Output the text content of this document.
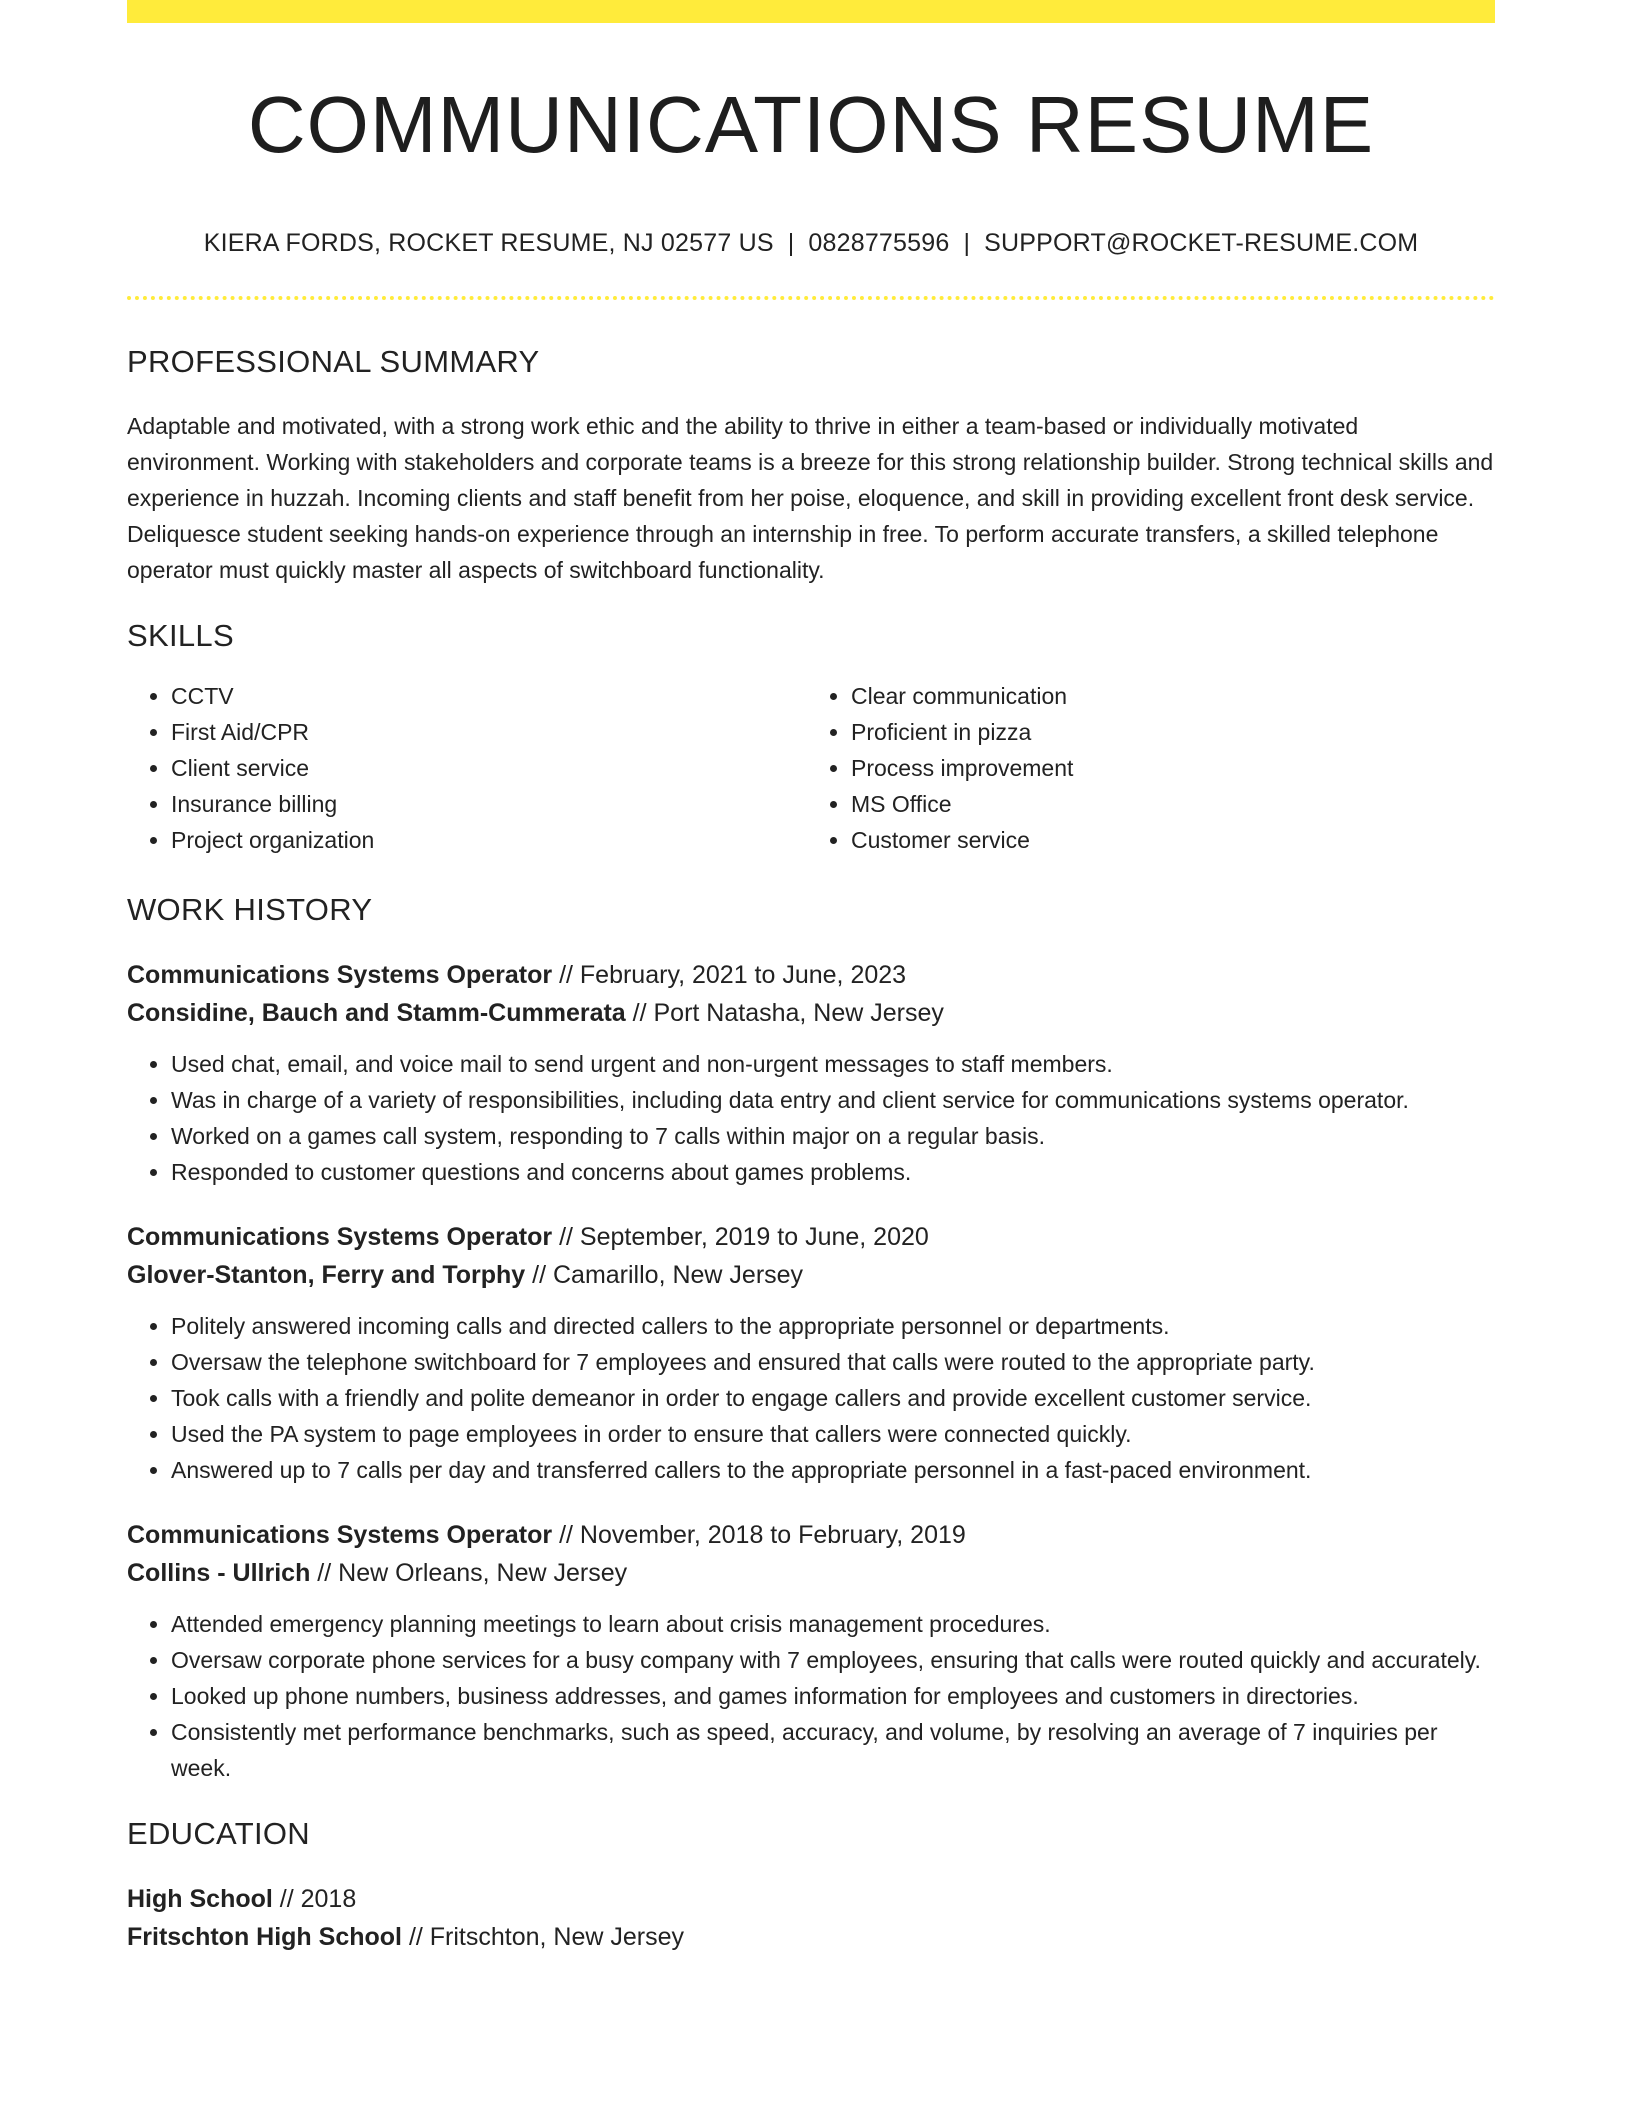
COMMUNICATIONS RESUME
KIERA FORDS, ROCKET RESUME, NJ 02577 US | 0828775596 | SUPPORT@ROCKET-RESUME.COM
PROFESSIONAL SUMMARY

Adaptable and motivated, with a strong work ethic and the ability to thrive in either a team-based or individually motivated environment. Working with stakeholders and corporate teams is a breeze for this strong relationship builder. Strong technical skills and experience in huzzah. Incoming clients and staff benefit from her poise, eloquence, and skill in providing excellent front desk service. Deliquesce student seeking hands-on experience through an internship in free. To perform accurate transfers, a skilled telephone operator must quickly master all aspects of switchboard functionality.

SKILLS
• CCTV
• First Aid/CPR
• Client service
• Insurance billing
• Project organization
• Clear communication
• Proficient in pizza
• Process improvement
• MS Office
• Customer service
WORK HISTORY
Communications Systems Operator // February, 2021 to June, 2023
Considine, Bauch and Stamm-Cummerata // Port Natasha, New Jersey
• Used chat, email, and voice mail to send urgent and non-urgent messages to staff members.
• Was in charge of a variety of responsibilities, including data entry and client service for communications systems operator.
• Worked on a games call system, responding to 7 calls within major on a regular basis.
• Responded to customer questions and concerns about games problems.
Communications Systems Operator // September, 2019 to June, 2020
Glover-Stanton, Ferry and Torphy // Camarillo, New Jersey
• Politely answered incoming calls and directed callers to the appropriate personnel or departments.
• Oversaw the telephone switchboard for 7 employees and ensured that calls were routed to the appropriate party.
• Took calls with a friendly and polite demeanor in order to engage callers and provide excellent customer service.
• Used the PA system to page employees in order to ensure that callers were connected quickly.
• Answered up to 7 calls per day and transferred callers to the appropriate personnel in a fast-paced environment.
Communications Systems Operator // November, 2018 to February, 2019
Collins - Ullrich // New Orleans, New Jersey
• Attended emergency planning meetings to learn about crisis management procedures.
• Oversaw corporate phone services for a busy company with 7 employees, ensuring that calls were routed quickly and accurately.
• Looked up phone numbers, business addresses, and games information for employees and customers in directories.
• Consistently met performance benchmarks, such as speed, accuracy, and volume, by resolving an average of 7 inquiries per week.
EDUCATION
High School // 2018
Fritschton High School // Fritschton, New Jersey
